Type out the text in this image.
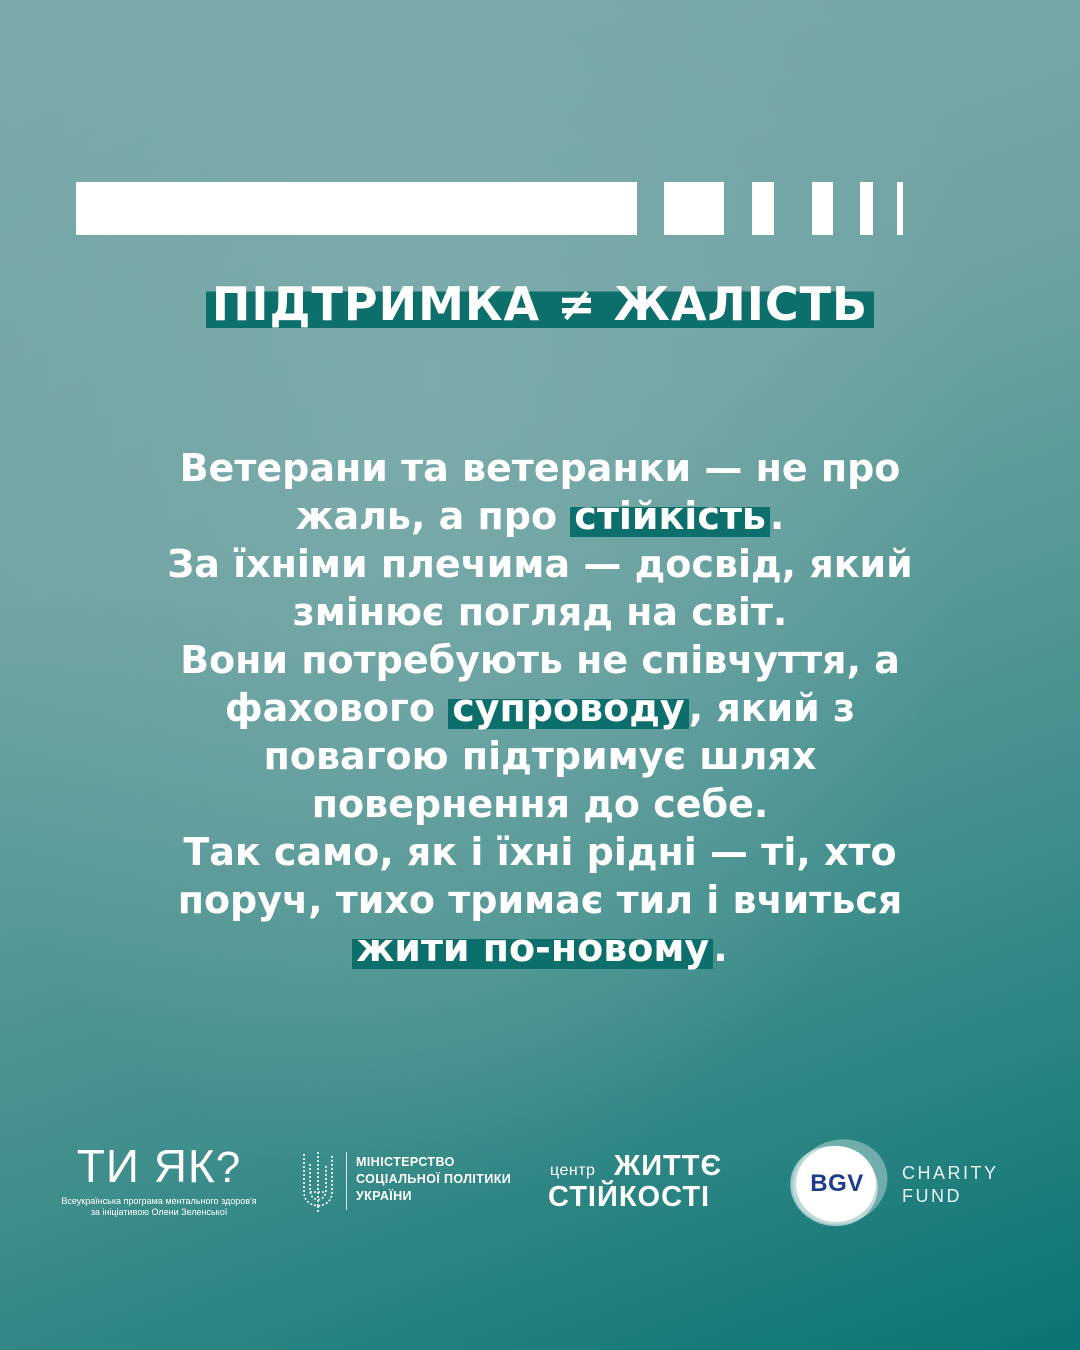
ПІДТРИМКА ≠ ЖАЛІСТЬ
Ветерани та ветеранки — не про
жаль, а про стійкість .
За їхніми плечима — досвід, який
змінює погляд на світ.
Вони потребують не співчуття, а
фахового супроводу , який з
повагою підтримує шлях
повернення до себе.
Так само, як і їхні рідні — ті, хто
поруч, тихо тримає тил і вчиться
жити по-новому .
ТИ ЯК?
Всеукраїнська програма ментального здоров'я
за ініціативою Олени Зеленської
МІНІСТЕРСТВО
СОЦІАЛЬНОЇ ПОЛІТИКИ
УКРАЇНИ
центр ЖИТТЄ
СТІЙКОСТІ	BGV	CHARITY
FUND
